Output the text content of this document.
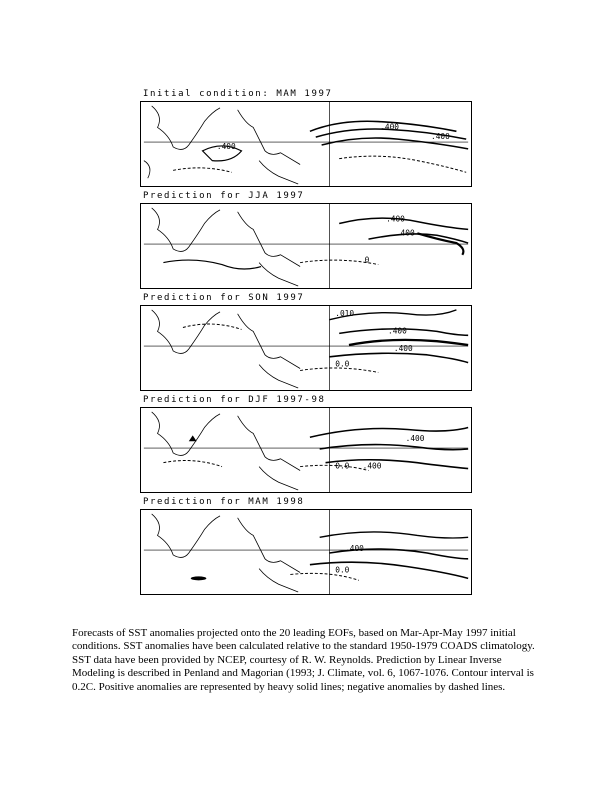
Initial condition: MAM 1997
.400
.400
-.400
Prediction for JJA 1997
.400
.400
0
Prediction for SON 1997
.010
.400
.400
0.0
Prediction for DJF 1997-98
.400
.400
0.0
Prediction for MAM 1998
.400
0.0
Forecasts of SST anomalies projected onto the 20 leading EOFs, based on Mar-Apr-May 1997 initial conditions. SST anomalies have been calculated relative to the standard 1950-1979 COADS climatology. SST data have been provided by NCEP, courtesy of R. W. Reynolds. Prediction by Linear Inverse Modeling is described in Penland and Magorian (1993; J. Climate, vol. 6, 1067-1076. Contour interval is 0.2C. Positive anomalies are represented by heavy solid lines; negative anomalies by dashed lines.
